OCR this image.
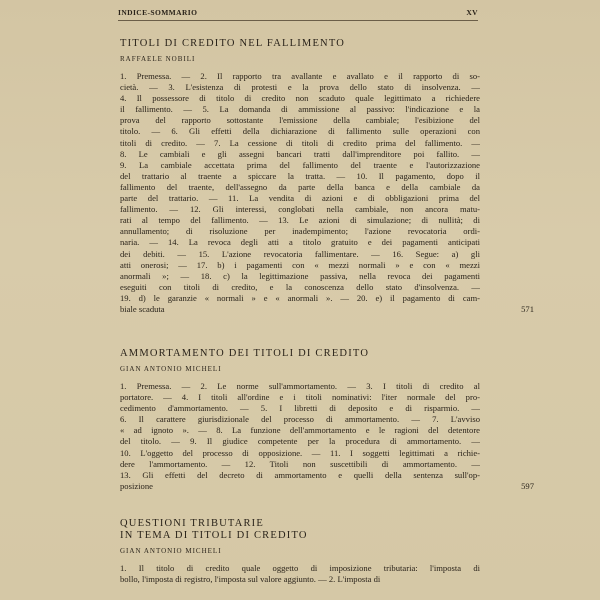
INDICE-SOMMARIO	XV
TITOLI DI CREDITO NEL FALLIMENTO
RAFFAELE NOBILI
1. Premessa. — 2. Il rapporto tra avallante e avallato e il rapporto di so-
cietà. — 3. L'esistenza di protesti e la prova dello stato di insolvenza. —
4. Il possessore di titolo di credito non scaduto quale legittimato a richiedere
il fallimento. — 5. La domanda di ammissione al passivo: l'indicazione e la
prova del rapporto sottostante l'emissione della cambiale; l'esibizione del
titolo. — 6. Gli effetti della dichiarazione di fallimento sulle operazioni con
titoli di credito. — 7. La cessione di titoli di credito prima del fallimento. —
8. Le cambiali e gli assegni bancari tratti dall'imprenditore poi fallito. —
9. La cambiale accettata prima del fallimento del traente e l'autorizzazione
del trattario al traente a spiccare la tratta. — 10. Il pagamento, dopo il
fallimento del traente, dell'assegno da parte della banca e della cambiale da
parte del trattario. — 11. La vendita di azioni e di obbligazioni prima del
fallimento. — 12. Gli interessi, conglobati nella cambiale, non ancora matu-
rati al tempo del fallimento. — 13. Le azioni di simulazione; di nullità; di
annullamento; di risoluzione per inadempimento; l'azione revocatoria ordi-
naria. — 14. La revoca degli atti a titolo gratuito e dei pagamenti anticipati
dei debiti. — 15. L'azione revocatoria fallimentare. — 16. Segue: a) gli
atti onerosi; — 17. b) i pagamenti con « mezzi normali » e con « mezzi
anormali »; — 18. c) la legittimazione passiva, nella revoca dei pagamenti
eseguiti con titoli di credito, e la conoscenza dello stato d'insolvenza. —
19. d) le garanzie « normali » e « anormali ». — 20. e) il pagamento di cam-
biale scaduta	571
AMMORTAMENTO DEI TITOLI DI CREDITO
GIAN ANTONIO MICHELI
1. Premessa. — 2. Le norme sull'ammortamento. — 3. I titoli di credito al
portatore. — 4. I titoli all'ordine e i titoli nominativi: l'iter normale del pro-
cedimento d'ammortamento. — 5. I libretti di deposito e di risparmio. —
6. Il carattere giurisdizionale del processo di ammortamento. — 7. L'avviso
« ad ignoto ». — 8. La funzione dell'ammortamento e le ragioni del detentore
del titolo. — 9. Il giudice competente per la procedura di ammortamento. —
10. L'oggetto del processo di opposizione. — 11. I soggetti legittimati a richie-
dere l'ammortamento. — 12. Titoli non suscettibili di ammortamento. —
13. Gli effetti del decreto di ammortamento e quelli della sentenza sull'op-
posizione	597
QUESTIONI TRIBUTARIE
IN TEMA DI TITOLI DI CREDITO
GIAN ANTONIO MICHELI
1. Il titolo di credito quale oggetto di imposizione tributaria: l'imposta di
bollo, l'imposta di registro, l'imposta sul valore aggiunto. — 2. L'imposta di
